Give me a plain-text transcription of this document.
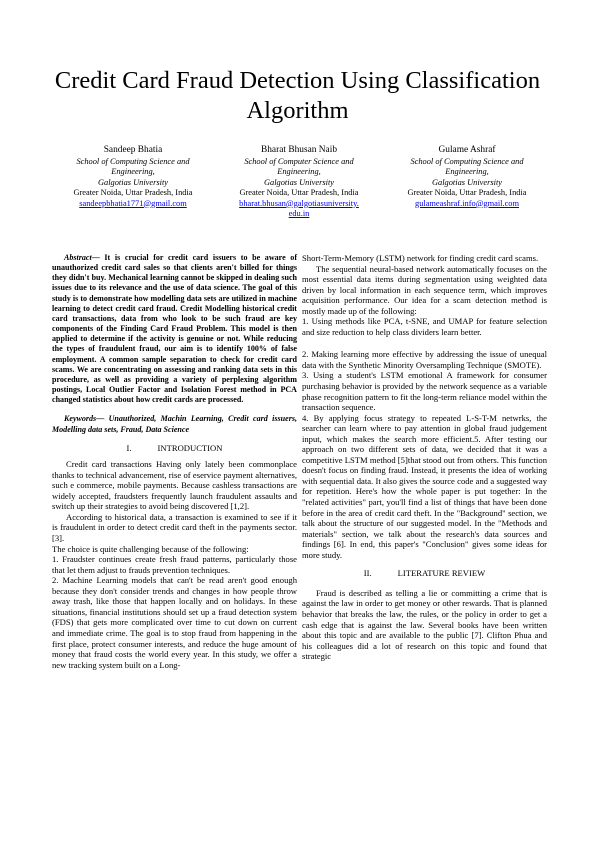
Credit Card Fraud Detection Using Classification Algorithm
Sandeep Bhatia
School of Computing Science and
Engineering,
Galgotias University
Greater Noida, Uttar Pradesh, India
sandeepbhatia1771@gmail.com
Bharat Bhusan Naib
School of Computer Science and
Engineering,
Galgotias University
Greater Noida, Uttar Pradesh, India
bharat.bhusan@galgotiasuniversity.
edu.in
Gulame Ashraf
School of Computing Science and
Engineering,
Galgotias University
Greater Noida, Uttar Pradesh, India
gulameashraf.info@gmail.com

Abstract— It is crucial for credit card issuers to be aware of unauthorized credit card sales so that clients aren't billed for things they didn't buy. Mechanical learning cannot be skipped in dealing such issues due to its relevance and the use of data science. The goal of this study is to demonstrate how modelling data sets are utilized in machine learning to detect credit card fraud. Credit Modelling historical credit card transactions, data from who look to be such fraud are key components of the Finding Card Fraud Problem. This model is then applied to determine if the activity is genuine or not. While reducing the types of fraudulent fraud, our aim is to identify 100% of false employment. A common sample separation to check for credit card scams. We are concentrating on assessing and ranking data sets in this procedure, as well as providing a variety of perplexing algorithm postings, Local Outlier Factor and Isolation Forest method in PCA changed statistics about how credit cards are processed.

Keywords— Unauthorized, Machin Learning, Credit card issuers, Modelling data sets, Fraud, Data Science

I.	INTRODUCTION

Credit card transactions Having only lately been commonplace thanks to technical advancement, rise of eservice payment alternatives, such e commerce, mobile payments. Because cashless transactions are widely accepted, fraudsters frequently launch fraudulent assaults and switch up their strategies to avoid being discovered [1,2].

According to historical data, a transaction is examined to see if it is fraudulent in order to detect credit card theft in the payments sector. [3].

The choice is quite challenging because of the following:

1. Fraudster continues create fresh fraud patterns, particularly those that let them adjust to frauds prevention techniques.

2. Machine Learning models that can't be read aren't good enough because they don't consider trends and changes in how people throw away trash, like those that happen locally and on holidays. In these situations, financial institutions should set up a fraud detection system (FDS) that gets more complicated over time to cut down on current and immediate crime. The goal is to stop fraud from happening in the first place, protect consumer interests, and reduce the huge amount of money that fraud costs the world every year. In this study, we offer a new tracking system built on a Long-

Short-Term-Memory (LSTM) network for finding credit card scams.

The sequential neural-based network automatically focuses on the most essential data items during segmentation using weighted data driven by local information in each sequence term, which improves acquisition performance. Our idea for a scam detection method is mostly made up of the following:

1. Using methods like PCA, t-SNE, and UMAP for feature selection and size reduction to help class dividers learn better.

2. Making learning more effective by addressing the issue of unequal data with the Synthetic Minority Oversampling Technique (SMOTE).

3. Using a student's LSTM emotional A framework for consumer purchasing behavior is provided by the network sequence as a variable phase recognition pattern to fit the long-term reliance model within the transaction sequence.

4. By applying focus strategy to repeated L-S-T-M netwrks, the searcher can learn where to pay attention in global fraud judgement input, which makes the search more efficient.5. After testing our approach on two different sets of data, we decided that it was a competitive LSTM method [5]that stood out from others. This function doesn't focus on finding fraud. Instead, it presents the idea of working with sequential data. It also gives the source code and a suggested way for repetition. Here's how the whole paper is put together: In the "related activities" part, you'll find a list of things that have been done before in the area of credit card theft. In the "Background" section, we talk about the structure of our suggested model. In the "Methods and materials" section, we talk about the research's data sources and findings [6]. In end, this paper's "Conclusion" gives some ideas for more study.

II.	LITERATURE REVIEW

Fraud is described as telling a lie or committing a crime that is against the law in order to get money or other rewards. That is planned behavior that breaks the law, the rules, or the policy in order to get a cash edge that is against the law. Several books have been written about this topic and are available to the public [7]. Clifton Phua and his colleagues did a lot of research on this topic and found that strategic
